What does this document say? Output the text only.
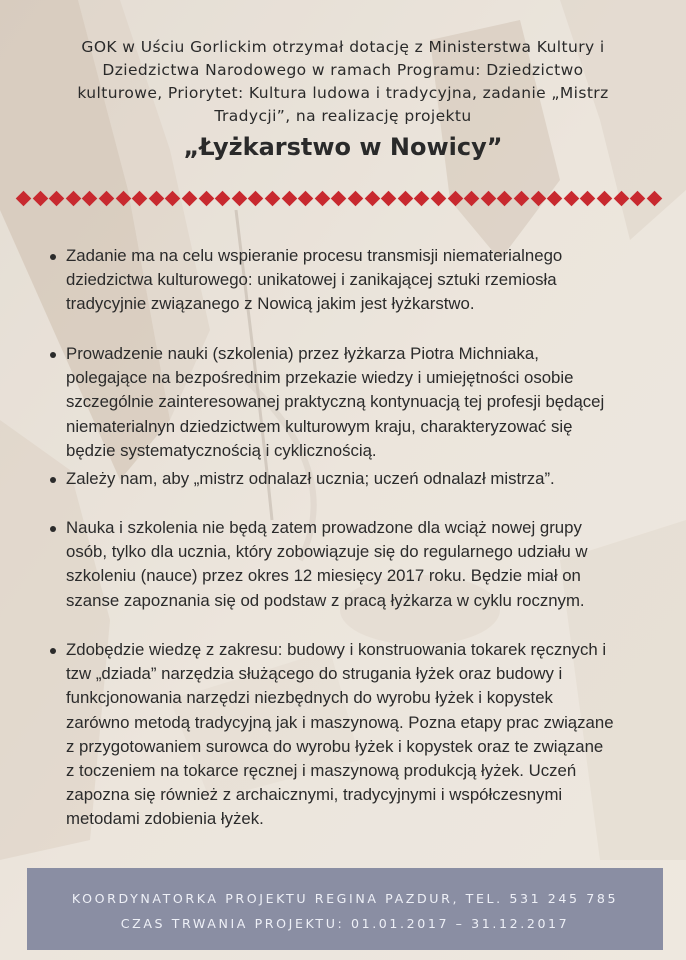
GOK w Uściu Gorlickim otrzymał dotację z Ministerstwa Kultury i
Dziedzictwa Narodowego w ramach Programu: Dziedzictwo
kulturowe, Priorytet: Kultura ludowa i tradycyjna, zadanie „Mistrz
Tradycji”, na realizację projektu
„Łyżkarstwo w Nowicy”
Zadanie ma na celu wspieranie procesu transmisji niematerialnego
dziedzictwa kulturowego: unikatowej i zanikającej sztuki rzemiosła
tradycyjnie związanego z Nowicą jakim jest łyżkarstwo.
Prowadzenie nauki (szkolenia) przez łyżkarza Piotra Michniaka,
polegające na bezpośrednim przekazie wiedzy i umiejętności osobie
szczególnie zainteresowanej praktyczną kontynuacją tej profesji będącej
niematerialnyn dziedzictwem kulturowym kraju, charakteryzować się
będzie systematycznością i cyklicznością.
Zależy nam, aby „mistrz odnalazł ucznia; uczeń odnalazł mistrza”.
Nauka i szkolenia nie będą zatem prowadzone dla wciąż nowej grupy
osób, tylko dla ucznia, który zobowiązuje się do regularnego udziału w
szkoleniu (nauce) przez okres 12 miesięcy 2017 roku. Będzie miał on
szanse zapoznania się od podstaw z pracą łyżkarza w cyklu rocznym.
Zdobędzie wiedzę z zakresu: budowy i konstruowania tokarek ręcznych i
tzw „dziada” narzędzia służącego do strugania łyżek oraz budowy i
funkcjonowania narzędzi niezbędnych do wyrobu łyżek i kopystek
zarówno metodą tradycyjną jak i maszynową. Pozna etapy prac związane
z przygotowaniem surowca do wyrobu łyżek i kopystek oraz te związane
z toczeniem na tokarce ręcznej i maszynową produkcją łyżek. Uczeń
zapozna się również z archaicznymi, tradycyjnymi i współczesnymi
metodami zdobienia łyżek.
KOORDYNATORKA PROJEKTU REGINA PAZDUR, TEL. 531 245 785
CZAS TRWANIA PROJEKTU: 01.01.2017 – 31.12.2017
